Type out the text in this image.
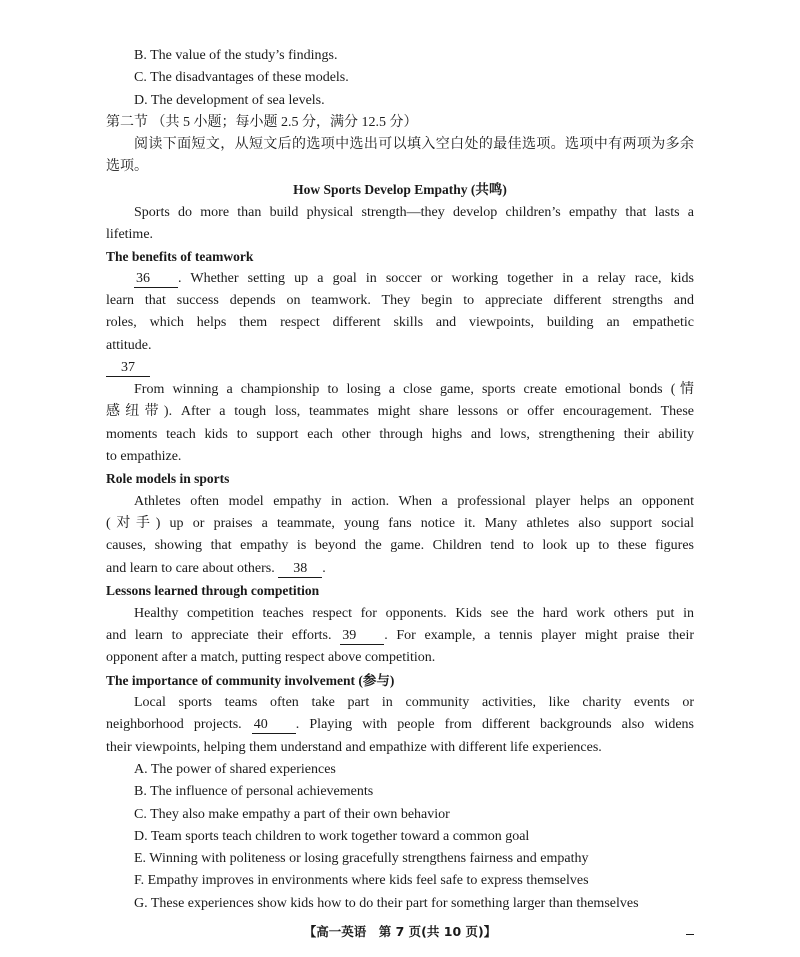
B. The value of the study’s findings.
C. The disadvantages of these models.
D. The development of sea levels.
第二节 （共 5 小题；每小题 2.5 分，满分 12.5 分）
阅读下面短文，从短文后的选项中选出可以填入空白处的最佳选项。选项中有两项为多余
选项。
How Sports Develop Empathy (共鸣)
Sports do more than build physical strength—they develop children’s empathy that lasts a
lifetime.
The benefits of teamwork
36 . Whether setting up a goal in soccer or working together in a relay race, kids
learn that success depends on teamwork. They begin to appreciate different strengths and
roles, which helps them respect different skills and viewpoints, building an empathetic
attitude.
37
From winning a championship to losing a close game, sports create emotional bonds (情
感纽带). After a tough loss, teammates might share lessons or offer encouragement. These
moments teach kids to support each other through highs and lows, strengthening their ability
to empathize.
Role models in sports
Athletes often model empathy in action. When a professional player helps an opponent
(对手) up or praises a teammate, young fans notice it. Many athletes also support social
causes, showing that empathy is beyond the game. Children tend to look up to these figures
and learn to care about others. 38 .
Lessons learned through competition
Healthy competition teaches respect for opponents. Kids see the hard work others put in
and learn to appreciate their efforts. 39 . For example, a tennis player might praise their
opponent after a match, putting respect above competition.
The importance of community involvement (参与)
Local sports teams often take part in community activities, like charity events or
neighborhood projects. 40 . Playing with people from different backgrounds also widens
their viewpoints, helping them understand and empathize with different life experiences.
A. The power of shared experiences
B. The influence of personal achievements
C. They also make empathy a part of their own behavior
D. Team sports teach children to work together toward a common goal
E. Winning with politeness or losing gracefully strengthens fairness and empathy
F. Empathy improves in environments where kids feel safe to express themselves
G. These experiences show kids how to do their part for something larger than themselves
【高一英语　第 7 页(共 10 页)】
